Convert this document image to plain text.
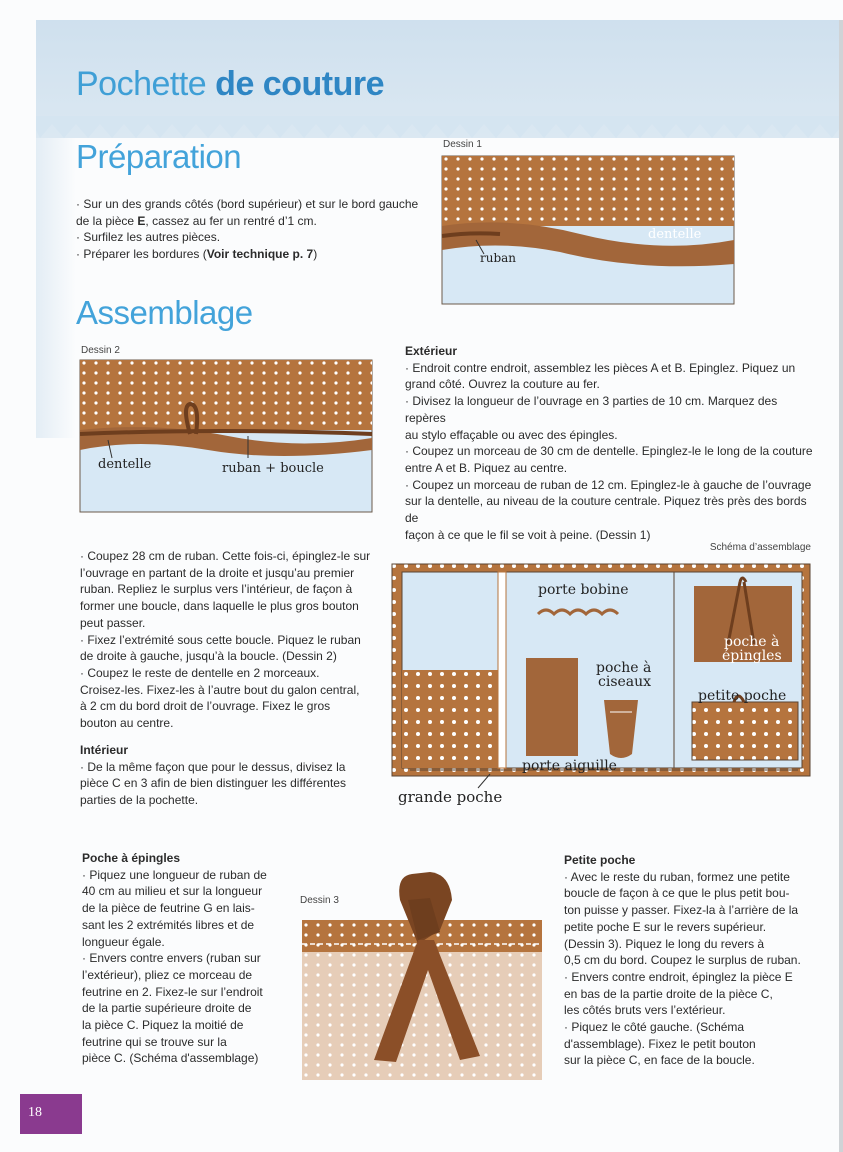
Pochette de couture
Préparation

· Sur un des grands côtés (bord supérieur) et sur le bord gauche

de la pièce E, cassez au fer un rentré d’1 cm.

· Surfilez les autres pièces.

· Préparer les bordures (Voir technique p. 7)

Dessin 1
ruban
dentelle
Assemblage
Dessin 2
dentelle	ruban + boucle

Extérieur

· Endroit contre endroit, assemblez les pièces A et B. Epinglez. Piquez un

grand côté. Ouvrez la couture au fer.

· Divisez la longueur de l’ouvrage en 3 parties de 10 cm. Marquez des repères

au stylo effaçable ou avec des épingles.

· Coupez un morceau de 30 cm de dentelle. Epinglez-le le long de la couture

entre A et B. Piquez au centre.

· Coupez un morceau de ruban de 12 cm. Epinglez-le à gauche de l’ouvrage

sur la dentelle, au niveau de la couture centrale. Piquez très près des bords de

façon à ce que le fil se voit à peine. (Dessin 1)

Schéma d’assemblage
porte bobine
poche à
ciseaux
poche à
épingles
petite poche
porte aiguille
grande poche

· Coupez 28 cm de ruban. Cette fois-ci, épinglez-le sur

l’ouvrage en partant de la droite et jusqu’au premier

ruban. Repliez le surplus vers l’intérieur, de façon à

former une boucle, dans laquelle le plus gros bouton

peut passer.

· Fixez l’extrémité sous cette boucle. Piquez le ruban

de droite à gauche, jusqu’à la boucle. (Dessin 2)

· Coupez le reste de dentelle en 2 morceaux.

Croisez-les. Fixez-les à l’autre bout du galon central,

à 2 cm du bord droit de l’ouvrage. Fixez le gros

bouton au centre.

Intérieur

· De la même façon que pour le dessus, divisez la

pièce C en 3 afin de bien distinguer les différentes

parties de la pochette.

Poche à épingles

· Piquez une longueur de ruban de

40 cm au milieu et sur la longueur

de la pièce de feutrine G en lais-

sant les 2 extrémités libres et de

longueur égale.

· Envers contre envers (ruban sur

l’extérieur), pliez ce morceau de

feutrine en 2. Fixez-le sur l’endroit

de la partie supérieure droite de

la pièce C. Piquez la moitié de

feutrine qui se trouve sur la

pièce C. (Schéma d'assemblage)

Dessin 3

Petite poche

· Avec le reste du ruban, formez une petite

boucle de façon à ce que le plus petit bou-

ton puisse y passer. Fixez-la à l’arrière de la

petite poche E sur le revers supérieur.

(Dessin 3). Piquez le long du revers à

0,5 cm du bord. Coupez le surplus de ruban.

· Envers contre endroit, épinglez la pièce E

en bas de la partie droite de la pièce C,

les côtés bruts vers l’extérieur.

· Piquez le côté gauche. (Schéma

d'assemblage). Fixez le petit bouton

sur la pièce C, en face de la boucle.

18
